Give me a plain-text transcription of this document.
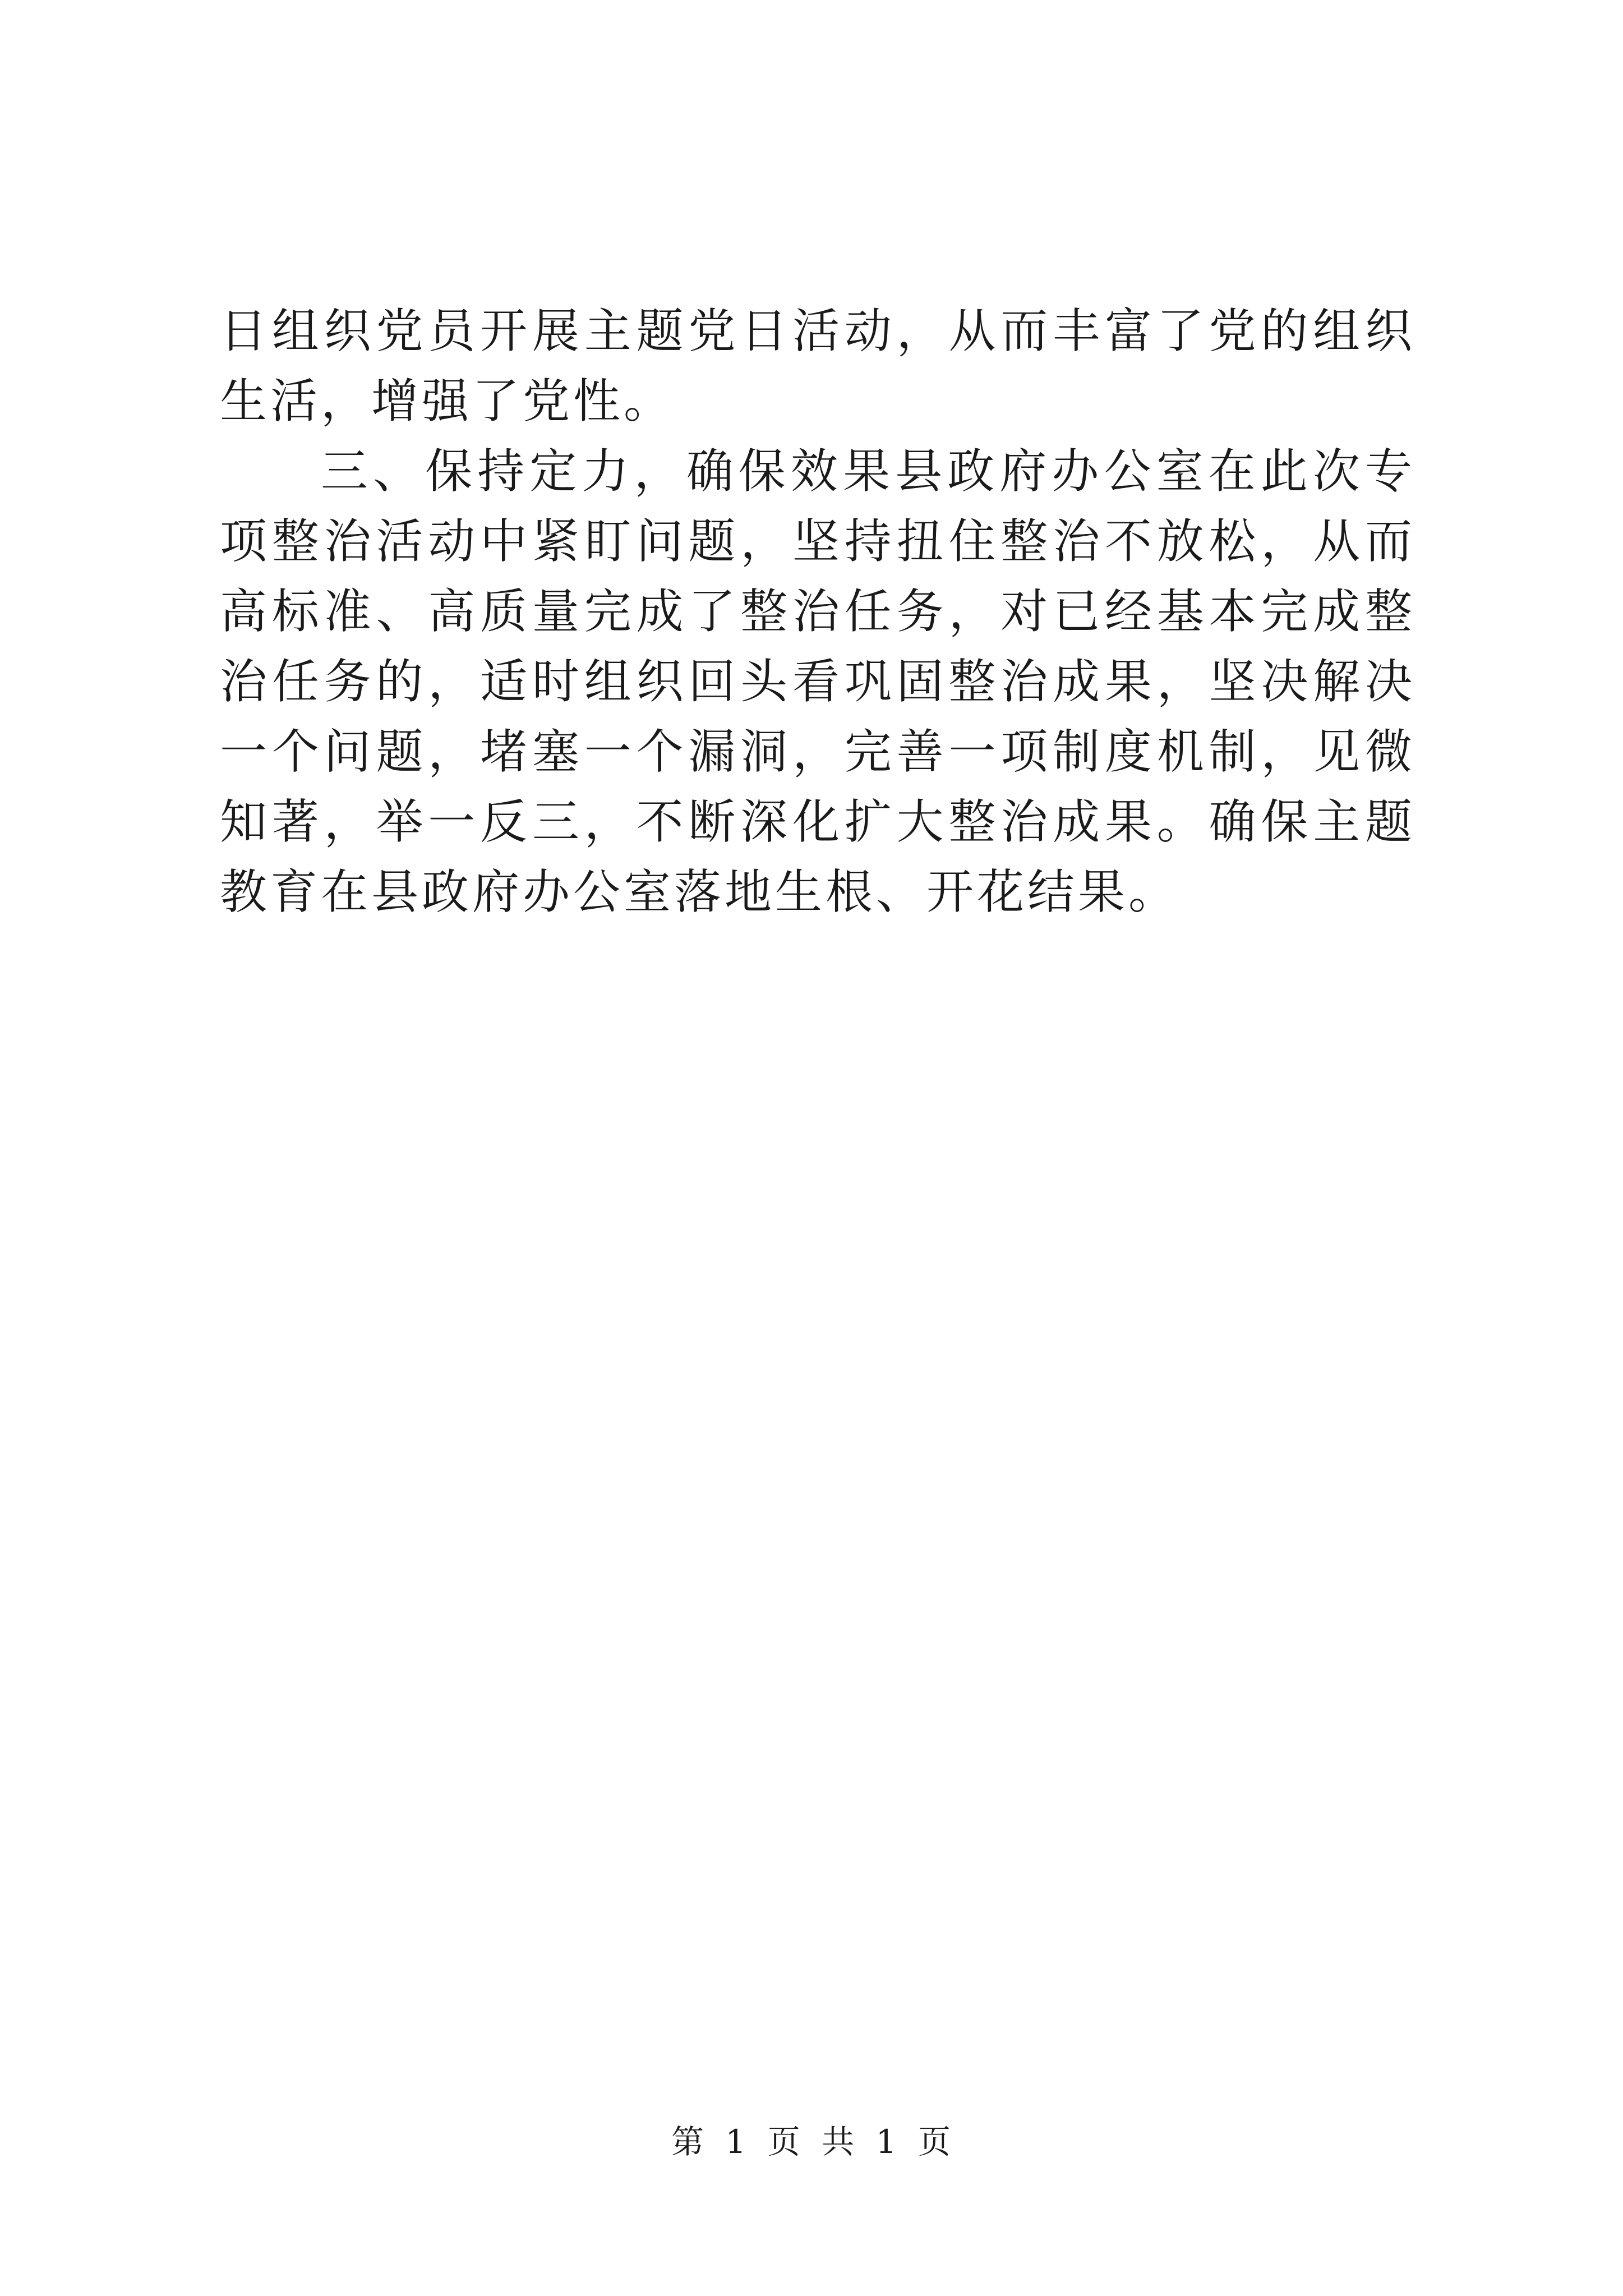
日组织党员开展主题党日活动，从而丰富了党的组织生活，增强了党性。

三、保持定力，确保效果县政府办公室在此次专项整治活动中紧盯问题，坚持扭住整治不放松，从而高标准、高质量完成了整治任务，对已经基本完成整治任务的，适时组织回头看巩固整治成果，坚决解决一个问题，堵塞一个漏洞，完善一项制度机制，见微知著，举一反三，不断深化扩大整治成果。确保主题教育在县政府办公室落地生根、开花结果。

第 1 页 共 1 页
